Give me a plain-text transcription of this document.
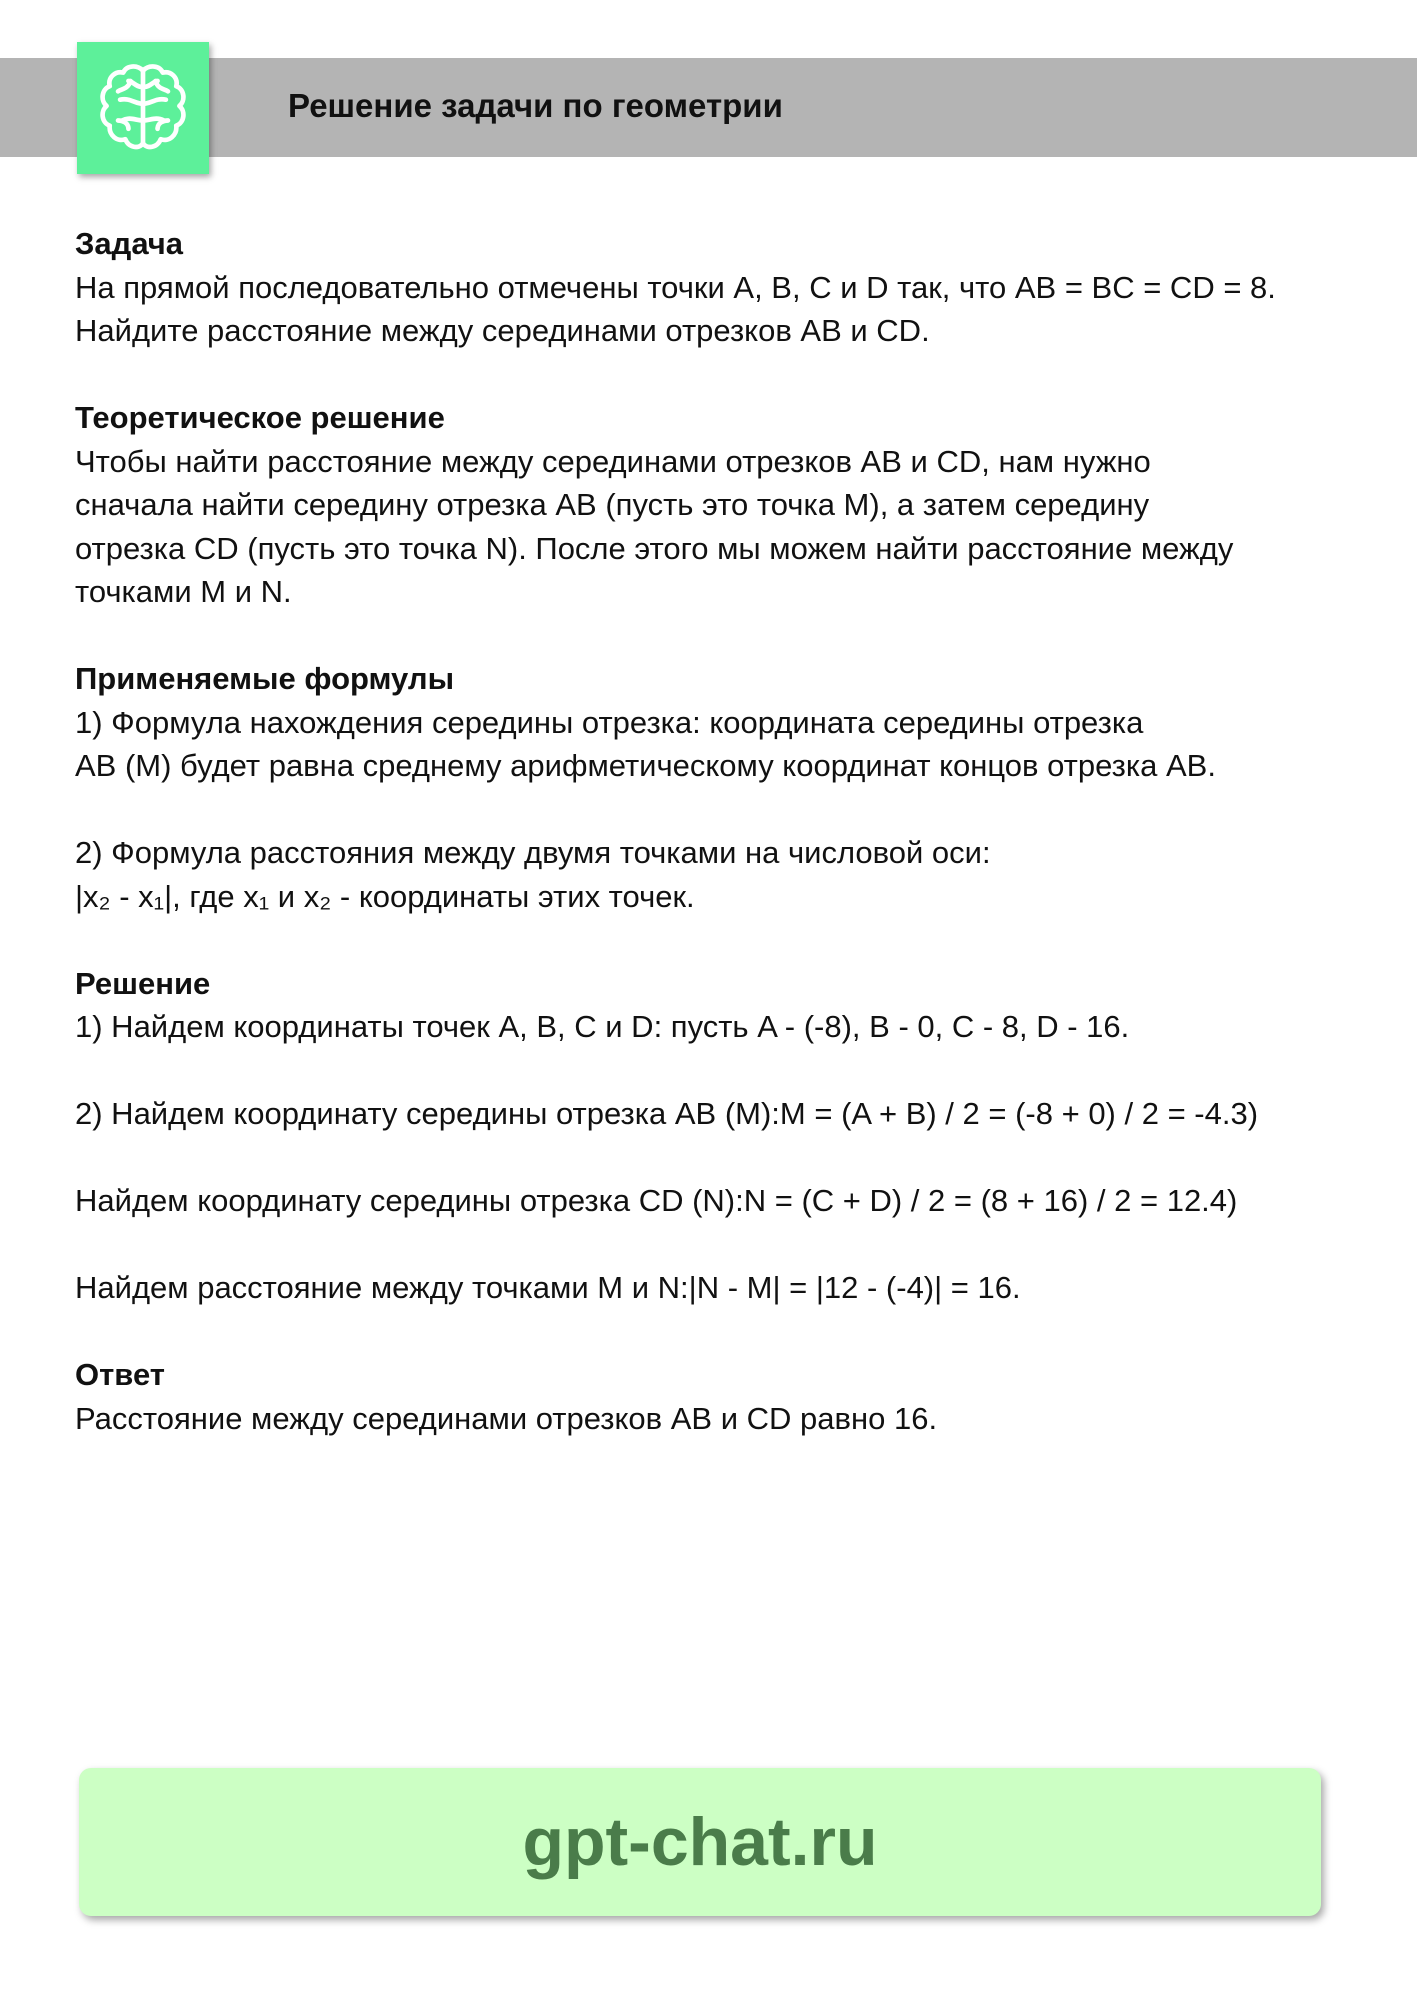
Решение задачи по геометрии

Задача

На прямой последовательно отмечены точки A, B, C и D так, что AB = BC = CD = 8.

Найдите расстояние между серединами отрезков AB и CD.

Теоретическое решение

Чтобы найти расстояние между серединами отрезков AB и CD, нам нужно

сначала найти середину отрезка AB (пусть это точка M), а затем середину

отрезка CD (пусть это точка N). После этого мы можем найти расстояние между

точками M и N.

Применяемые формулы

1) Формула нахождения середины отрезка: координата середины отрезка

AB (M) будет равна среднему арифметическому координат концов отрезка AB.

2) Формула расстояния между двумя точками на числовой оси:

|x₂ - x₁|, где x₁ и x₂ - координаты этих точек.

Решение

1) Найдем координаты точек A, B, C и D: пусть A - (-8), B - 0, C - 8, D - 16.

2) Найдем координату середины отрезка AB (M):M = (A + B) / 2 = (-8 + 0) / 2 = -4.3)

Найдем координату середины отрезка CD (N):N = (C + D) / 2 = (8 + 16) / 2 = 12.4)

Найдем расстояние между точками M и N:|N - M| = |12 - (-4)| = 16.

Ответ

Расстояние между серединами отрезков AB и CD равно 16.

gpt-chat.ru
